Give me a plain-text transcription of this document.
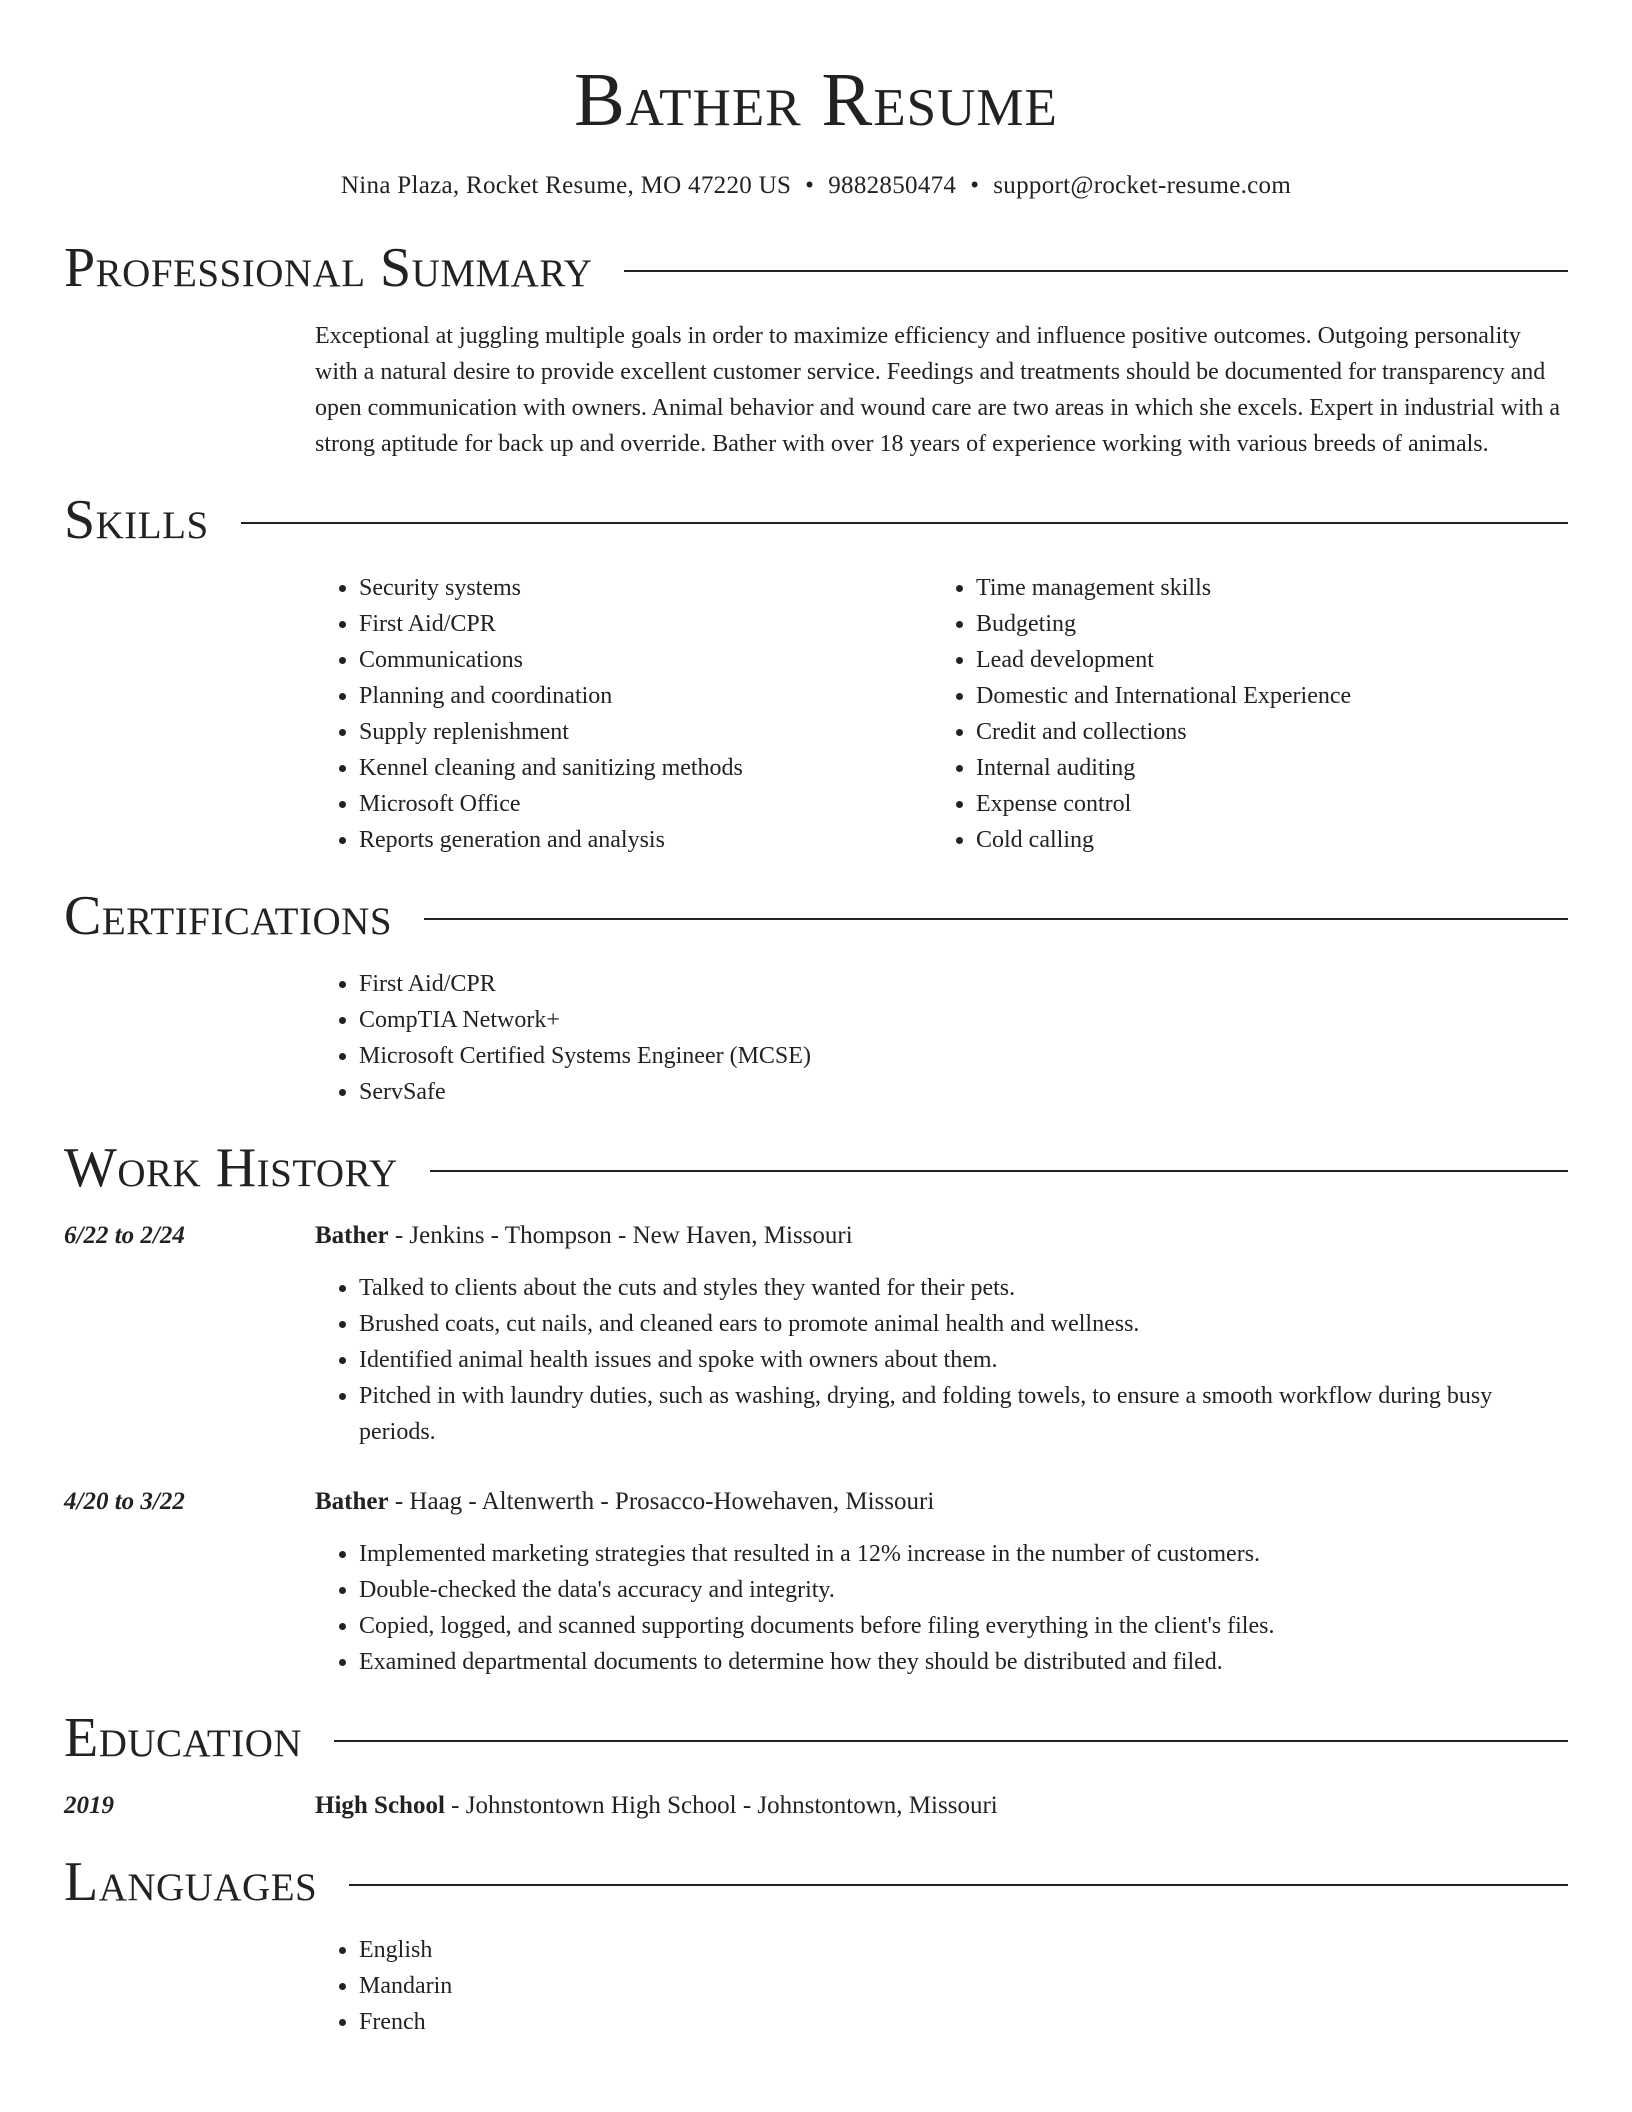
Bather Resume
Nina Plaza, Rocket Resume, MO 47220 US • 9882850474 • support@rocket-resume.com
Professional Summary
Exceptional at juggling multiple goals in order to maximize efficiency and influence positive outcomes. Outgoing personality with a natural desire to provide excellent customer service. Feedings and treatments should be documented for transparency and open communication with owners. Animal behavior and wound care are two areas in which she excels. Expert in industrial with a strong aptitude for back up and override. Bather with over 18 years of experience working with various breeds of animals.
Skills
• Security systems
• First Aid/CPR
• Communications
• Planning and coordination
• Supply replenishment
• Kennel cleaning and sanitizing methods
• Microsoft Office
• Reports generation and analysis
• Time management skills
• Budgeting
• Lead development
• Domestic and International Experience
• Credit and collections
• Internal auditing
• Expense control
• Cold calling
Certifications
• First Aid/CPR
• CompTIA Network+
• Microsoft Certified Systems Engineer (MCSE)
• ServSafe
Work History
6/22 to 2/24	Bather - Jenkins - Thompson - New Haven, Missouri
• Talked to clients about the cuts and styles they wanted for their pets.
• Brushed coats, cut nails, and cleaned ears to promote animal health and wellness.
• Identified animal health issues and spoke with owners about them.
• Pitched in with laundry duties, such as washing, drying, and folding towels, to ensure a smooth workflow during busy periods.
4/20 to 3/22	Bather - Haag - Altenwerth - Prosacco-Howehaven, Missouri
• Implemented marketing strategies that resulted in a 12% increase in the number of customers.
• Double-checked the data's accuracy and integrity.
• Copied, logged, and scanned supporting documents before filing everything in the client's files.
• Examined departmental documents to determine how they should be distributed and filed.
Education
2019	High School - Johnstontown High School - Johnstontown, Missouri
Languages
• English
• Mandarin
• French
